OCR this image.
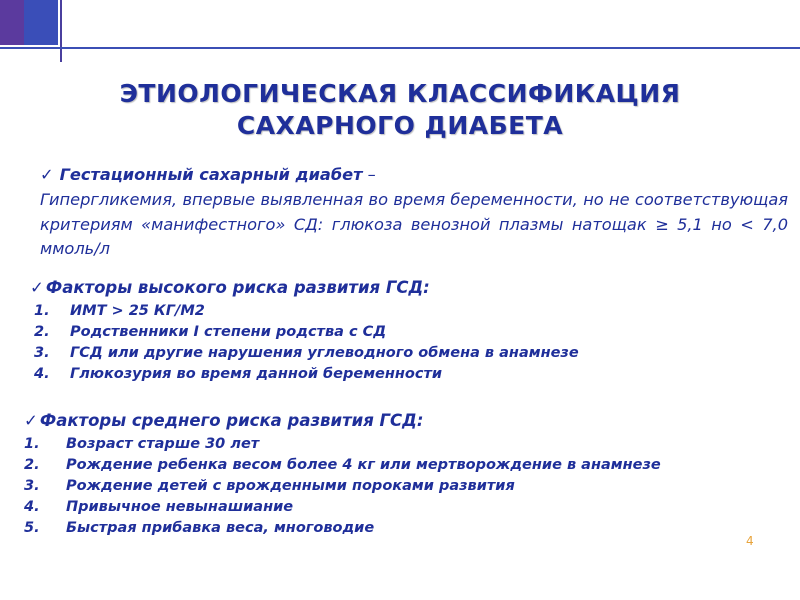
ЭТИОЛОГИЧЕСКАЯ КЛАССИФИКАЦИЯ
САХАРНОГО ДИАБЕТА
✓ Гестационный сахарный диабет –
Гипергликемия, впервые выявленная во время беременности, но не соответствующая критериям «манифестного» СД: глюкоза венозной плазмы натощак ≥ 5,1 но < 7,0 ммоль/л
✓ Факторы высокого риска развития ГСД:
1.	ИМТ > 25 КГ/М2
2.	Родственники I степени родства с СД
3.	ГСД или другие нарушения углеводного обмена в анамнезе
4.	Глюкозурия во время данной беременности
✓ Факторы среднего риска развития ГСД:
1.	Возраст старше 30 лет
2.	Рождение ребенка весом более 4 кг или мертворождение в анамнезе
3.	Рождение детей с врожденными пороками развития
4.	Привычное невынашиание
5.	Быстрая прибавка веса, многоводие
4
